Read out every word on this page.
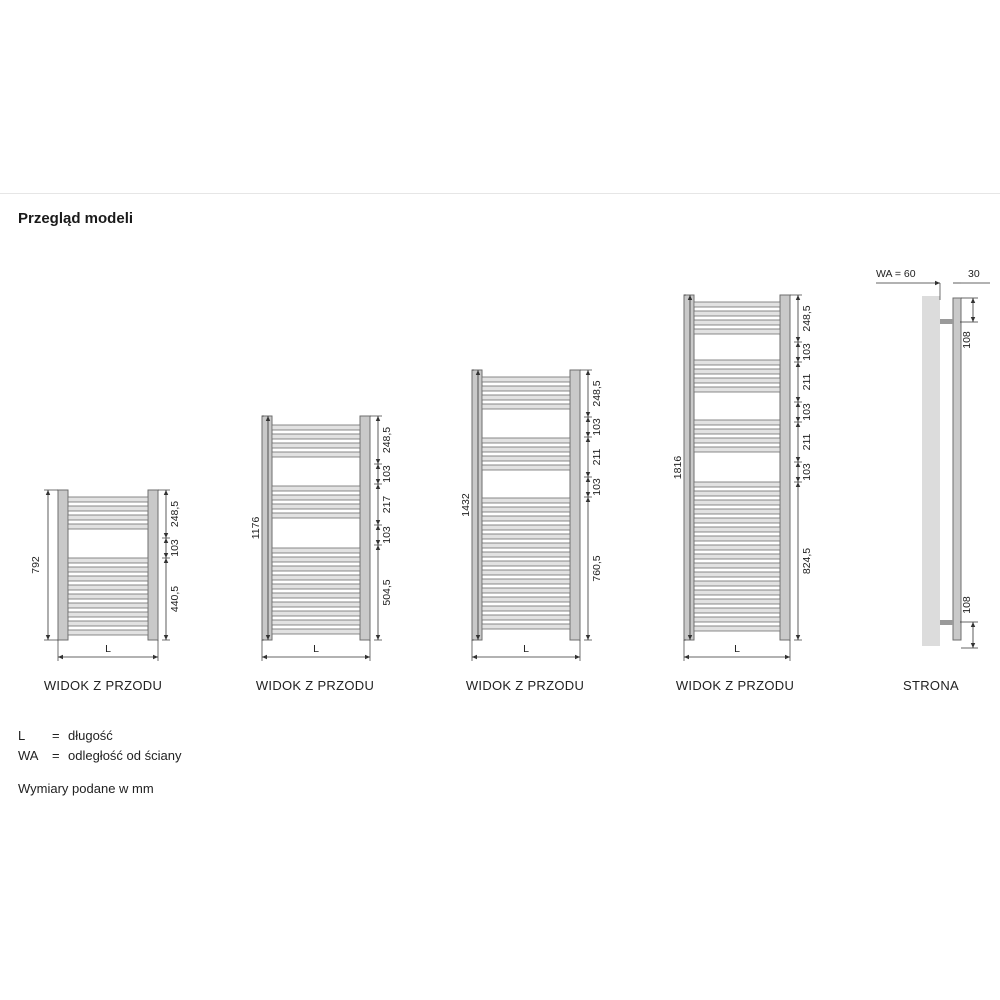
Przegląd modeli
792
248,5
103
440,5
L
1176
248,5
103
217
103
504,5
L
1432
248,5
103
211
103
760,5
L
1816
248,5
103
211
103
211
103
824,5
L
WA = 60	30
108
108
WIDOK Z PRZODU	WIDOK Z PRZODU	WIDOK Z PRZODU	WIDOK Z PRZODU	STRONA
L = długość
WA = odległość od ściany
Wymiary podane w mm
